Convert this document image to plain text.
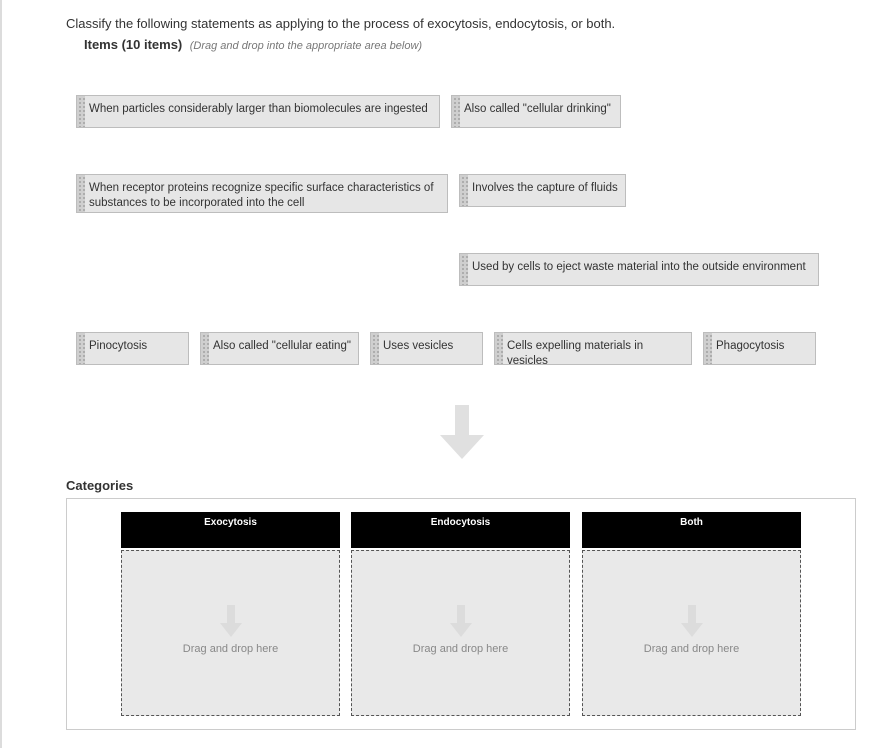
Classify the following statements as applying to the process of exocytosis, endocytosis, or both.
Items (10 items) (Drag and drop into the appropriate area below)
When particles considerably larger than biomolecules are ingested	Also called "cellular drinking"
When receptor proteins recognize specific surface characteristics of substances to be incorporated into the cell
Involves the capture of fluids
Used by cells to eject waste material into the outside environment
Pinocytosis	Also called "cellular eating"	Uses vesicles	Cells expelling materials in vesicles
Phagocytosis
Categories
Exocytosis	Endocytosis	Both
Drag and drop here	Drag and drop here	Drag and drop here
